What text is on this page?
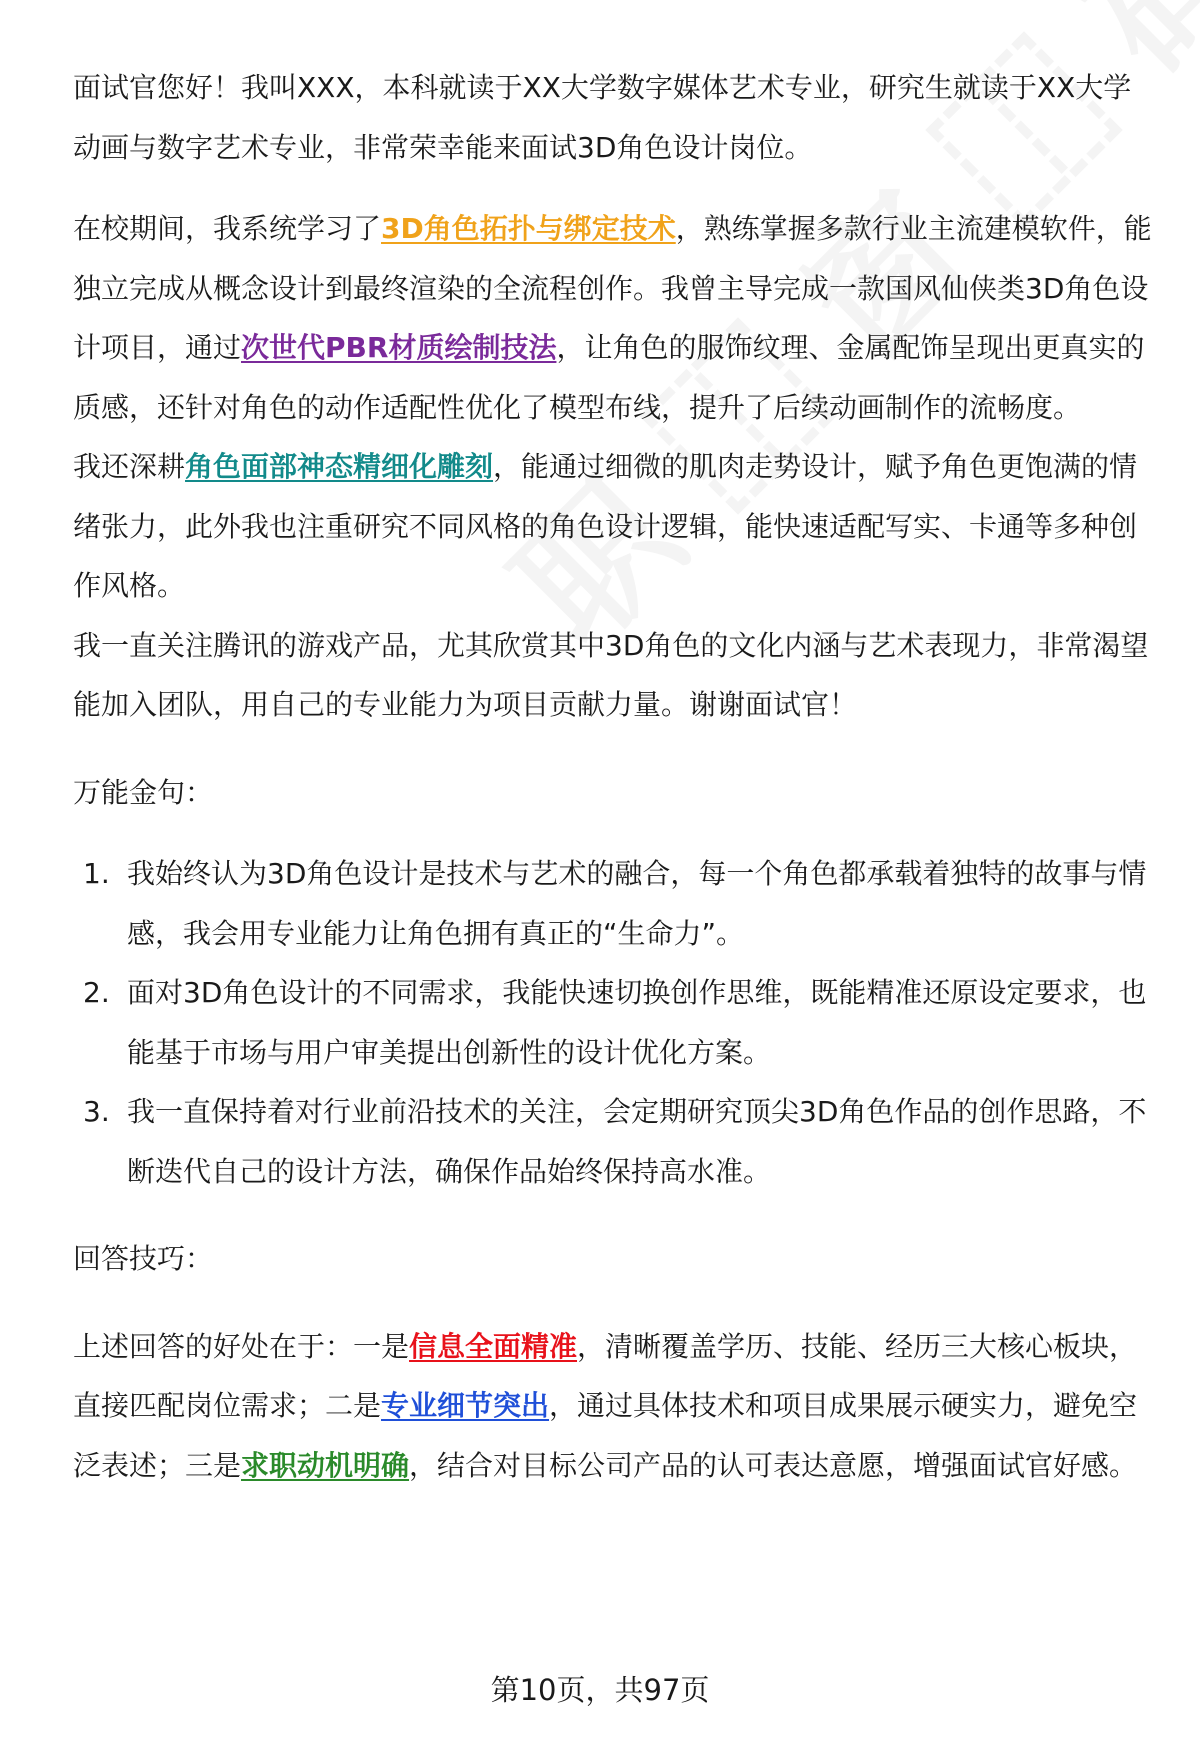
面试官您好！我叫XXX，本科就读于XX大学数字媒体艺术专业，研究生就读于XX大学动画与数字艺术专业，非常荣幸能来面试3D角色设计岗位。

在校期间，我系统学习了3D角色拓扑与绑定技术，熟练掌握多款行业主流建模软件，能独立完成从概念设计到最终渲染的全流程创作。我曾主导完成一款国风仙侠类3D角色设计项目，通过次世代PBR材质绘制技法，让角色的服饰纹理、金属配饰呈现出更真实的质感，还针对角色的动作适配性优化了模型布线，提升了后续动画制作的流畅度。

我还深耕角色面部神态精细化雕刻，能通过细微的肌肉走势设计，赋予角色更饱满的情绪张力，此外我也注重研究不同风格的角色设计逻辑，能快速适配写实、卡通等多种创作风格。

我一直关注腾讯的游戏产品，尤其欣赏其中3D角色的文化内涵与艺术表现力，非常渴望能加入团队，用自己的专业能力为项目贡献力量。谢谢面试官！

万能金句：

1. 我始终认为3D角色设计是技术与艺术的融合，每一个角色都承载着独特的故事与情感，我会用专业能力让角色拥有真正的“生命力”。
2. 面对3D角色设计的不同需求，我能快速切换创作思维，既能精准还原设定要求，也能基于市场与用户审美提出创新性的设计优化方案。
3. 我一直保持着对行业前沿技术的关注，会定期研究顶尖3D角色作品的创作思路，不断迭代自己的设计方法，确保作品始终保持高水准。

回答技巧：

上述回答的好处在于：一是信息全面精准，清晰覆盖学历、技能、经历三大核心板块，直接匹配岗位需求；二是专业细节突出，通过具体技术和项目成果展示硬实力，避免空泛表述；三是求职动机明确，结合对目标公司产品的认可表达意愿，增强面试官好感。

第10页，共97页
